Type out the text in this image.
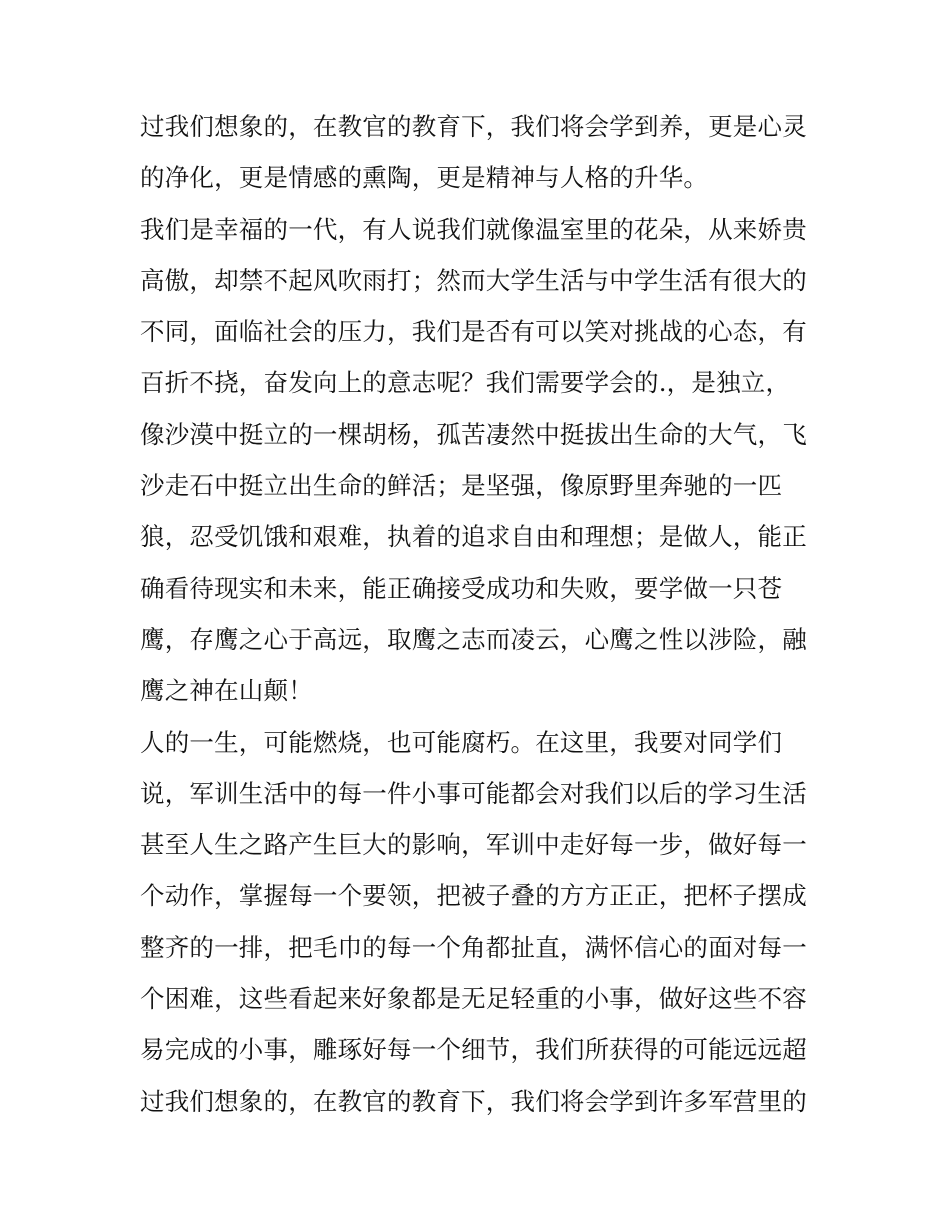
过我们想象的，在教官的教育下，我们将会学到养，更是心灵
的净化，更是情感的熏陶，更是精神与人格的升华。
我们是幸福的一代，有人说我们就像温室里的花朵，从来娇贵
高傲，却禁不起风吹雨打；然而大学生活与中学生活有很大的
不同，面临社会的压力，我们是否有可以笑对挑战的心态，有
百折不挠，奋发向上的意志呢？我们需要学会的.，是独立，
像沙漠中挺立的一棵胡杨，孤苦凄然中挺拔出生命的大气，飞
沙走石中挺立出生命的鲜活；是坚强，像原野里奔驰的一匹
狼，忍受饥饿和艰难，执着的追求自由和理想；是做人，能正
确看待现实和未来，能正确接受成功和失败，要学做一只苍
鹰，存鹰之心于高远，取鹰之志而凌云，心鹰之性以涉险，融
鹰之神在山颠！
人的一生，可能燃烧，也可能腐朽。在这里，我要对同学们
说，军训生活中的每一件小事可能都会对我们以后的学习生活
甚至人生之路产生巨大的影响，军训中走好每一步，做好每一
个动作，掌握每一个要领，把被子叠的方方正正，把杯子摆成
整齐的一排，把毛巾的每一个角都扯直，满怀信心的面对每一
个困难，这些看起来好象都是无足轻重的小事，做好这些不容
易完成的小事，雕琢好每一个细节，我们所获得的可能远远超
过我们想象的，在教官的教育下，我们将会学到许多军营里的
